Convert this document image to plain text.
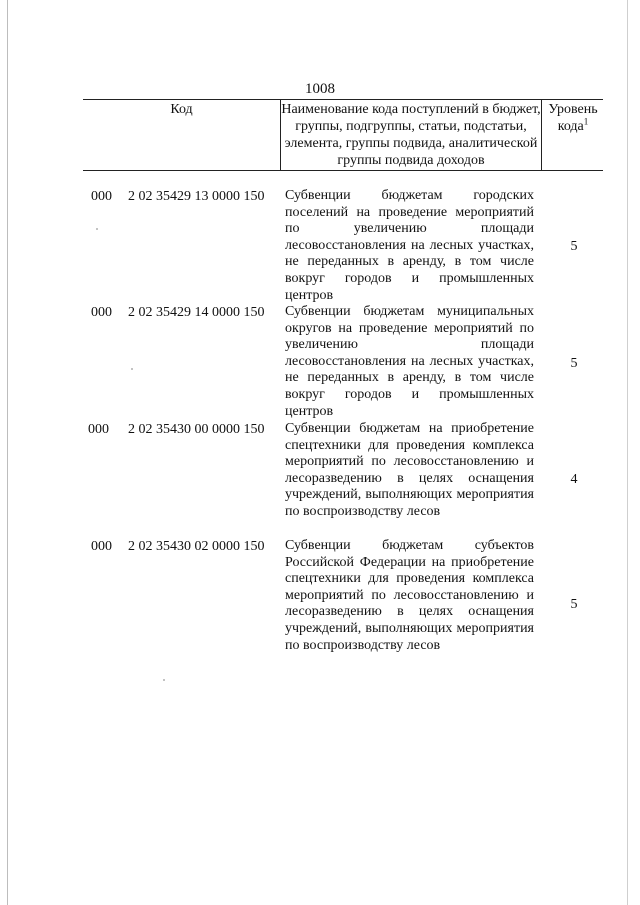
1008
Код	Наименование кода поступлений в бюджет, группы, подгруппы, статьи, подстатьи, элемента, группы подвида, аналитической группы подвида доходов
Уровень кода$^1$
000 2 02 35429 13 0000 150 Субвенции бюджетам городских поселений на проведение мероприятий по увеличению площади лесовосстановления на лесных участках, не переданных в аренду, в том числе вокруг городов и промышленных центров
5
000 2 02 35429 14 0000 150 Субвенции бюджетам муниципальных округов на проведение мероприятий по увеличению площади лесовосстановления на лесных участках, не переданных в аренду, в том числе вокруг городов и промышленных центров
5
000 2 02 35430 00 0000 150 Субвенции бюджетам на приобретение спецтехники для проведения комплекса мероприятий по лесовосстановлению и лесоразведению в целях оснащения учреждений, выполняющих мероприятия по воспроизводству лесов
4
000 2 02 35430 02 0000 150 Субвенции бюджетам субъектов Российской Федерации на приобретение спецтехники для проведения комплекса мероприятий по лесовосстановлению и лесоразведению в целях оснащения учреждений, выполняющих мероприятия по воспроизводству лесов
5
